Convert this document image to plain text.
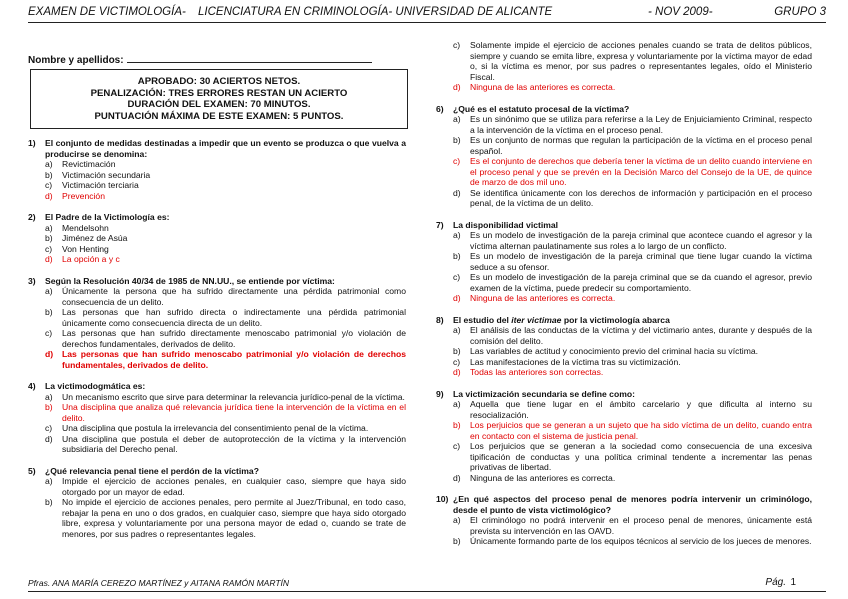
EXAMEN DE VICTIMOLOGÍA- LICENCIATURA EN CRIMINOLOGÍA- UNIVERSIDAD DE ALICANTE	- NOV 2009-	GRUPO 3
Nombre y apellidos:
APROBADO: 30 ACIERTOS NETOS.
PENALIZACIÓN: TRES ERRORES RESTAN UN ACIERTO
DURACIÓN DEL EXAMEN: 70 MINUTOS.
PUNTUACIÓN MÁXIMA DE ESTE EXAMEN: 5 PUNTOS.
1)	El conjunto de medidas destinadas a impedir que un evento se produzca o que vuelva a producirse se denomina:
a)	Revictimación
b)	Victimación secundaria
c)	Victimación terciaria
d)	Prevención
2)	El Padre de la Victimología es:
a)	Mendelsohn
b)	Jiménez de Asúa
c)	Von Henting
d)	La opción a y c
3)	Según la Resolución 40/34 de 1985 de NN.UU., se entiende por víctima:
a)	Únicamente la persona que ha sufrido directamente una pérdida patrimonial como consecuencia de un delito.
b)	Las personas que han sufrido directa o indirectamente una pérdida patrimonial únicamente como consecuencia directa de un delito.
c)	Las personas que han sufrido directamente menoscabo patrimonial y/o violación de derechos fundamentales, derivados de delito.
d)	Las personas que han sufrido menoscabo patrimonial y/o violación de derechos fundamentales, derivados de delito.
4)	La victimodogmática es:
a)	Un mecanismo escrito que sirve para determinar la relevancia jurídico-penal de la víctima.
b)	Una disciplina que analiza qué relevancia jurídica tiene la intervención de la víctima en el delito.
c)	Una disciplina que postula la irrelevancia del consentimiento penal de la víctima.
d)	Una disciplina que postula el deber de autoprotección de la víctima y la intervención subsidiaria del Derecho penal.
5)	¿Qué relevancia penal tiene el perdón de la víctima?
a)	Impide el ejercicio de acciones penales, en cualquier caso, siempre que haya sido otorgado por un mayor de edad.
b)	No impide el ejercicio de acciones penales, pero permite al Juez/Tribunal, en todo caso, rebajar la pena en uno o dos grados, en cualquier caso, siempre que haya sido otorgado libre, expresa y voluntariamente por una persona mayor de edad o, cuando se trate de menores, por sus padres o representantes legales.
c)	Solamente impide el ejercicio de acciones penales cuando se trata de delitos públicos, siempre y cuando se emita libre, expresa y voluntariamente por la víctima mayor de edad o, si la víctima es menor, por sus padres o representantes legales, oído el Ministerio Fiscal.
d)	Ninguna de las anteriores es correcta.
6)	¿Qué es el estatuto procesal de la víctima?
a)	Es un sinónimo que se utiliza para referirse a la Ley de Enjuiciamiento Criminal, respecto a la intervención de la víctima en el proceso penal.
b)	Es un conjunto de normas que regulan la participación de la víctima en el proceso penal español.
c)	Es el conjunto de derechos que debería tener la víctima de un delito cuando interviene en el proceso penal y que se prevén en la Decisión Marco del Consejo de la UE, de quince de marzo de dos mil uno.
d)	Se identifica únicamente con los derechos de información y participación en el proceso penal, de la víctima de un delito.
7)	La disponibilidad victimal
a)	Es un modelo de investigación de la pareja criminal que acontece cuando el agresor y la víctima alternan paulatinamente sus roles a lo largo de un conflicto.
b)	Es un modelo de investigación de la pareja criminal que tiene lugar cuando la víctima seduce a su ofensor.
c)	Es un modelo de investigación de la pareja criminal que se da cuando el agresor, previo examen de la víctima, puede predecir su comportamiento.
d)	Ninguna de las anteriores es correcta.
8)	El estudio del iter victimae por la victimología abarca
a)	El análisis de las conductas de la víctima y del victimario antes, durante y después de la comisión del delito.
b)	Las variables de actitud y conocimiento previo del criminal hacia su víctima.
c)	Las manifestaciones de la víctima tras su victimización.
d)	Todas las anteriores son correctas.
9)	La victimización secundaria se define como:
a)	Aquella que tiene lugar en el ámbito carcelario y que dificulta al interno su resocialización.
b)	Los perjuicios que se generan a un sujeto que ha sido víctima de un delito, cuando entra en contacto con el sistema de justicia penal.
c)	Los perjuicios que se generan a la sociedad como consecuencia de una excesiva tipificación de conductas y una política criminal tendente a incrementar las penas privativas de libertad.
d)	Ninguna de las anteriores es correcta.
10) ¿En qué aspectos del proceso penal de menores podría intervenir un criminólogo, desde el punto de vista victimológico?
a)	El criminólogo no podrá intervenir en el proceso penal de menores, únicamente está prevista su intervención en las OAVD.
b)	Únicamente formando parte de los equipos técnicos al servicio de los jueces de menores.
Pfras. ANA MARÍA CEREZO MARTÍNEZ y AITANA RAMÓN MARTÍN	Pág. 1
